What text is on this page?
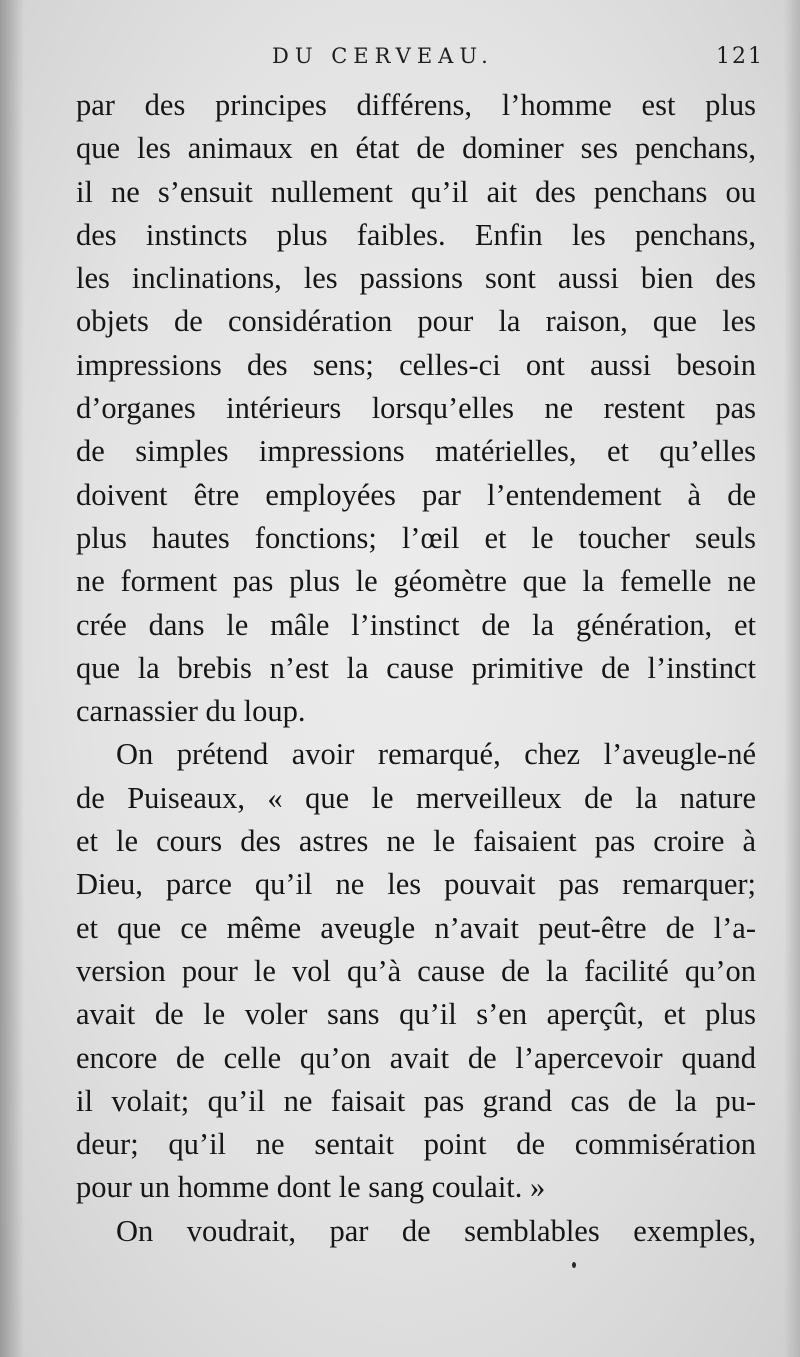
DU CERVEAU.	121
par des principes différens, l’homme est plus
que les animaux en état de dominer ses penchans,
il ne s’ensuit nullement qu’il ait des penchans ou
des instincts plus faibles. Enfin les penchans,
les inclinations, les passions sont aussi bien des
objets de considération pour la raison, que les
impressions des sens; celles-ci ont aussi besoin
d’organes intérieurs lorsqu’elles ne restent pas
de simples impressions matérielles, et qu’elles
doivent être employées par l’entendement à de
plus hautes fonctions; l’œil et le toucher seuls
ne forment pas plus le géomètre que la femelle ne
crée dans le mâle l’instinct de la génération, et
que la brebis n’est la cause primitive de l’instinct
carnassier du loup.
On prétend avoir remarqué, chez l’aveugle-né
de Puiseaux, « que le merveilleux de la nature
et le cours des astres ne le faisaient pas croire à
Dieu, parce qu’il ne les pouvait pas remarquer;
et que ce même aveugle n’avait peut-être de l’a-
version pour le vol qu’à cause de la facilité qu’on
avait de le voler sans qu’il s’en aperçût, et plus
encore de celle qu’on avait de l’apercevoir quand
il volait; qu’il ne faisait pas grand cas de la pu-
deur; qu’il ne sentait point de commisération
pour un homme dont le sang coulait. »
On voudrait, par de semblables exemples,
